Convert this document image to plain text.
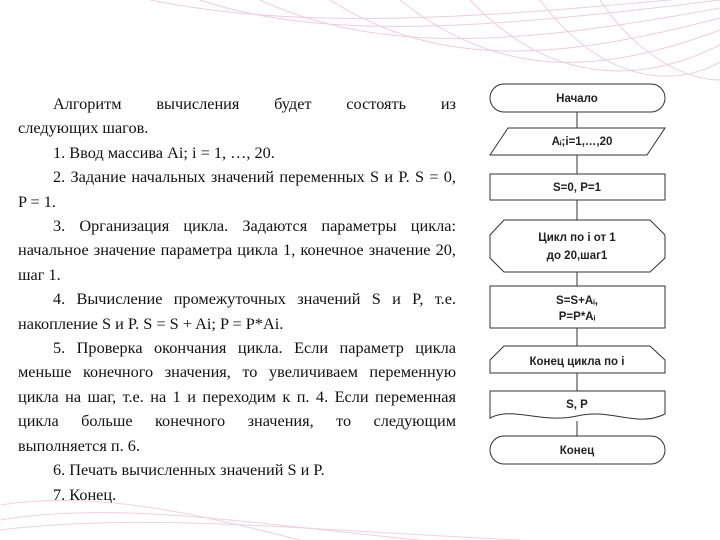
Алгоритм вычисления будет состоять из

следующих шагов.

1. Ввод массива Ai; i = 1, …, 20.

2. Задание начальных значений переменных S и P. S = 0, P = 1.

3. Организация цикла. Задаются параметры цикла: начальное значение параметра цикла 1, конечное значение 20, шаг 1.

4. Вычисление промежуточных значений S и P, т.е. накопление S и P. S = S + Ai; P = P*Ai.

5. Проверка окончания цикла. Если параметр цикла меньше конечного значения, то увеличиваем переменную цикла на шаг, т.е. на 1 и переходим к п. 4. Если переменная цикла больше конечного значения, то следующим выполняется п. 6.

6. Печать вычисленных значений S и P.

7. Конец.

Начало
Aᵢ;i=1,…,20
S=0, P=1
Цикл по i от 1
до 20,шаг1
S=S+Aᵢ,
P=P*Aᵢ
Конец цикла по i
S, P
Конец
